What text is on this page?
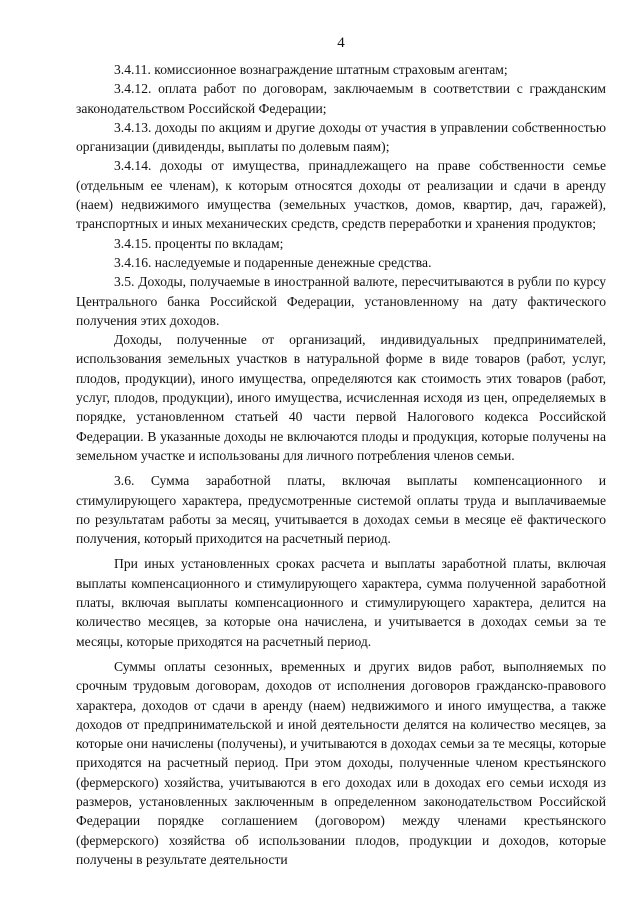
4

3.4.11. комиссионное вознаграждение штатным страховым агентам;

3.4.12. оплата работ по договорам, заключаемым в соответствии с гражданским законодательством Российской Федерации;

3.4.13. доходы по акциям и другие доходы от участия в управлении собственностью организации (дивиденды, выплаты по долевым паям);

3.4.14. доходы от имущества, принадлежащего на праве собственности семье (отдельным ее членам), к которым относятся доходы от реализации и сдачи в аренду (наем) недвижимого имущества (земельных участков, домов, квартир, дач, гаражей), транспортных и иных механических средств, средств переработки и хранения продуктов;

3.4.15. проценты по вкладам;

3.4.16. наследуемые и подаренные денежные средства.

3.5. Доходы, получаемые в иностранной валюте, пересчитываются в рубли по курсу Центрального банка Российской Федерации, установленному на дату фактического получения этих доходов.

Доходы, полученные от организаций, индивидуальных предпринимателей, использования земельных участков в натуральной форме в виде товаров (работ, услуг, плодов, продукции), иного имущества, определяются как стоимость этих товаров (работ, услуг, плодов, продукции), иного имущества, исчисленная исходя из цен, определяемых в порядке, установленном статьей 40 части первой Налогового кодекса Российской Федерации. В указанные доходы не включаются плоды и продукция, которые получены на земельном участке и использованы для личного потребления членов семьи.

3.6. Сумма заработной платы, включая выплаты компенсационного и стимулирующего характера, предусмотренные системой оплаты труда и выплачиваемые по результатам работы за месяц, учитывается в доходах семьи в месяце её фактического получения, который приходится на расчетный период.

При иных установленных сроках расчета и выплаты заработной платы, включая выплаты компенсационного и стимулирующего характера, сумма полученной заработной платы, включая выплаты компенсационного и стимулирующего характера, делится на количество месяцев, за которые она начислена, и учитывается в доходах семьи за те месяцы, которые приходятся на расчетный период.

Суммы оплаты сезонных, временных и других видов работ, выполняемых по срочным трудовым договорам, доходов от исполнения договоров гражданско-правового характера, доходов от сдачи в аренду (наем) недвижимого и иного имущества, а также доходов от предпринимательской и иной деятельности делятся на количество месяцев, за которые они начислены (получены), и учитываются в доходах семьи за те месяцы, которые приходятся на расчетный период. При этом доходы, полученные членом крестьянского (фермерского) хозяйства, учитываются в его доходах или в доходах его семьи исходя из размеров, установленных заключенным в определенном законодательством Российской Федерации порядке соглашением (договором) между членами крестьянского (фермерского) хозяйства об использовании плодов, продукции и доходов, которые получены в результате деятельности
